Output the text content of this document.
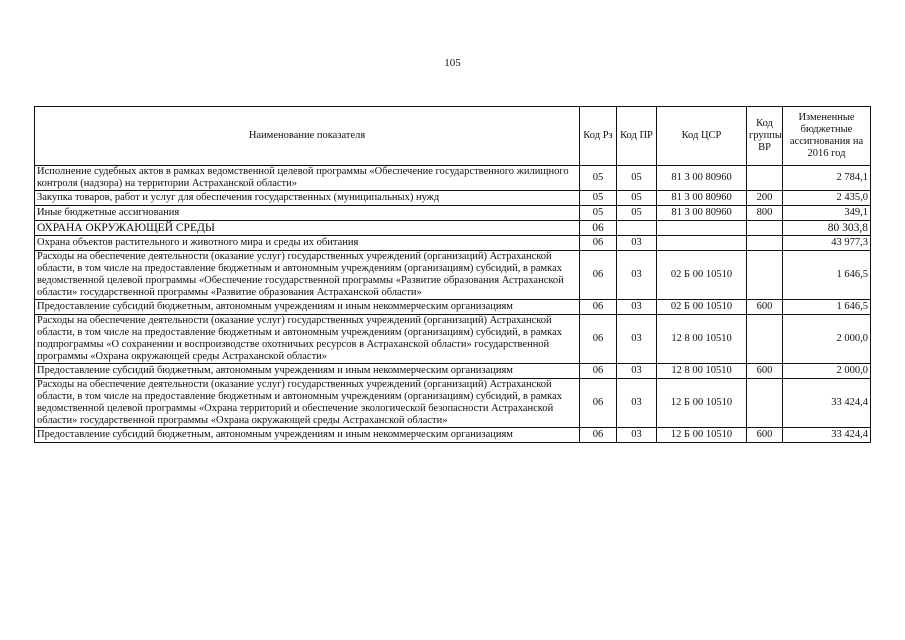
105
Наименование показателя	Код Рз	Код ПР	Код ЦСР	Код группы ВР	Измененные бюджетные ассигнования на 2016 год
Исполнение судебных актов в рамках ведомственной целевой программы «Обеспечение государственного жилищного контроля (надзора) на территории Астраханской области»	05	05	81 3 00 80960		2 784,1
Закупка товаров, работ и услуг для обеспечения государственных (муниципальных) нужд	05	05	81 3 00 80960	200	2 435,0
Иные бюджетные ассигнования	05	05	81 3 00 80960	800	349,1
ОХРАНА ОКРУЖАЮЩЕЙ СРЕДЫ	06				80 303,8
Охрана объектов растительного и животного мира и среды их обитания	06	03			43 977,3
Расходы на обеспечение деятельности (оказание услуг) государственных учреждений (организаций) Астраханской области, в том числе на предоставление бюджетным и автономным учреждениям (организациям) субсидий, в рамках ведомственной целевой программы «Обеспечение государственной программы «Развитие образования Астраханской области» государственной программы «Развитие образования Астраханской области»	06	03	02 Б 00 10510		1 646,5
Предоставление субсидий бюджетным, автономным учреждениям и иным некоммерческим организациям	06	03	02 Б 00 10510	600	1 646,5
Расходы на обеспечение деятельности (оказание услуг) государственных учреждений (организаций) Астраханской области, в том числе на предоставление бюджетным и автономным учреждениям (организациям) субсидий, в рамках подпрограммы «О сохранении и воспроизводстве охотничьих ресурсов в Астраханской области» государственной программы «Охрана окружающей среды Астраханской области»	06	03	12 8 00 10510		2 000,0
Предоставление субсидий бюджетным, автономным учреждениям и иным некоммерческим организациям	06	03	12 8 00 10510	600	2 000,0
Расходы на обеспечение деятельности (оказание услуг) государственных учреждений (организаций) Астраханской области, в том числе на предоставление бюджетным и автономным учреждениям (организациям) субсидий, в рамках ведомственной целевой программы «Охрана территорий и обеспечение экологической безопасности Астраханской области» государственной программы «Охрана окружающей среды Астраханской области»	06	03	12 Б 00 10510		33 424,4
Предоставление субсидий бюджетным, автономным учреждениям и иным некоммерческим организациям	06	03	12 Б 00 10510	600	33 424,4
